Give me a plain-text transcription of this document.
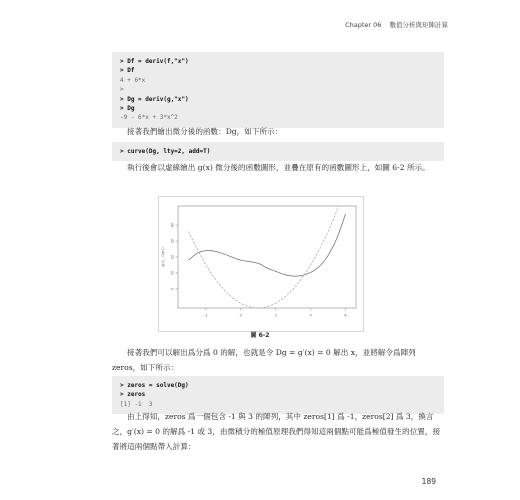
Chapter 06 數值分析與矩陣計算
> Df = deriv(f,"x")
> Df
4 + 6*x
>
> Dg = deriv(g,"x")
> Dg
-9 - 6*x + 3*x^2
接著我們繪出微分後的函數：Dg，如下所示：
> curve(Dg, lty=2, add=T)
執行後會以虛線繪出 g(x) 微分後的函數圖形，並疊在原有的函數圖形上，如圖 6-2 所示。
-2	0	2	4	6
0
10
20
30
40
g(x) , Dg(x)
圖 6-2
接著我們可以解出爲分爲 0 的解，也就是令 Dg = g′(x) = 0 解出 x，並將解令爲陣列 zeros，如下所示：
> zeros = solve(Dg)
> zeros
[1] -1  3
由上得知，zeros 爲一個包含 -1 與 3 的陣列，其中 zeros[1] 爲 -1，zeros[2] 爲 3，換言之，g′(x) = 0 的解爲 -1 或 3，由微積分的極值原理我們得知這兩個點可能爲極值發生的位置，接著將這兩個點帶入計算：
189
